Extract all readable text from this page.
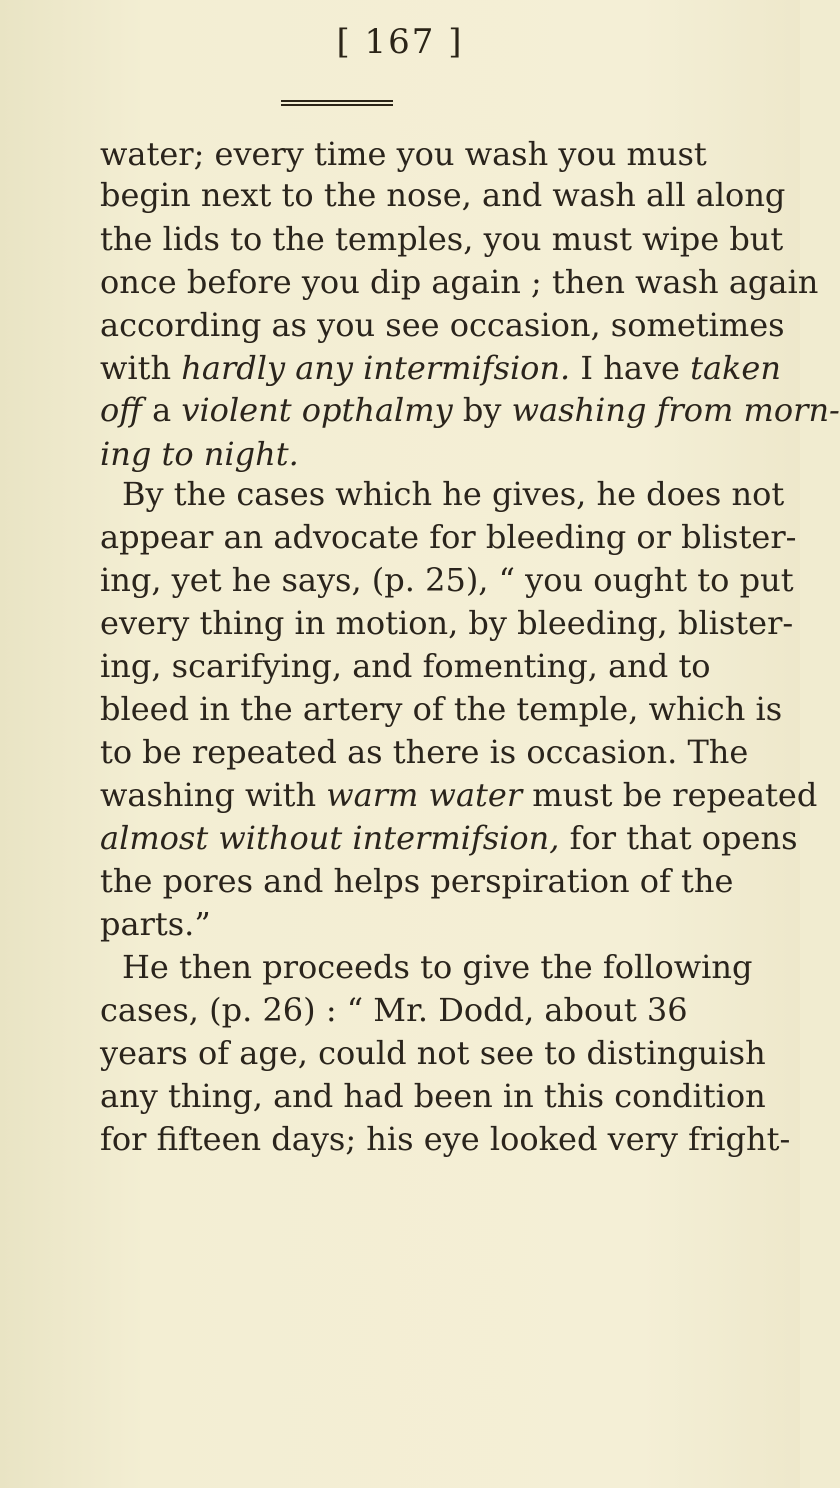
[ 167 ]
water; every time you wash you must
begin next to the nose, and wash all along
the lids to the temples, you must wipe but
once before you dip again ; then wash again
according as you see occasion, sometimes
with hardly any intermifsion. I have taken
off a violent opthalmy by washing from morn-
ing to night.
By the cases which he gives, he does not
appear an advocate for bleeding or blister-
ing, yet he says, (p. 25), “ you ought to put
every thing in motion, by bleeding, blister-
ing, scarifying, and fomenting, and to
bleed in the artery of the temple, which is
to be repeated as there is occasion. The
washing with warm water must be repeated
almost without intermifsion, for that opens
the pores and helps perspiration of the
parts.”
He then proceeds to give the following
cases, (p. 26) : “ Mr. Dodd, about 36
years of age, could not see to distinguish
any thing, and had been in this condition
for fifteen days; his eye looked very fright-
